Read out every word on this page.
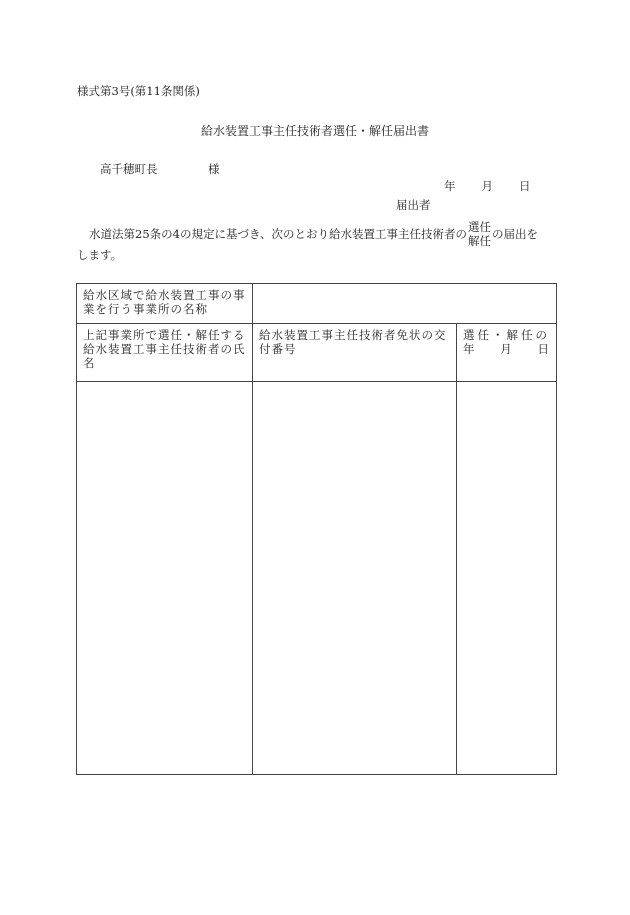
様式第3号(第11条関係)
給水装置工事主任技術者選任・解任届出書
高千穂町長	様
年 月 日
届出者
水道法第25条の4の規定に基づき、次のとおり給水装置工事主任技術者の 選任
解任 の届出を
します。
給水区域で給水装置工事の事業を行う事業所の名称		
上記事業所で選任・解任する給水装置工事主任技術者の氏名	給水装置工事主任技術者免状の交付番号	選任・解任の
年 月 日
